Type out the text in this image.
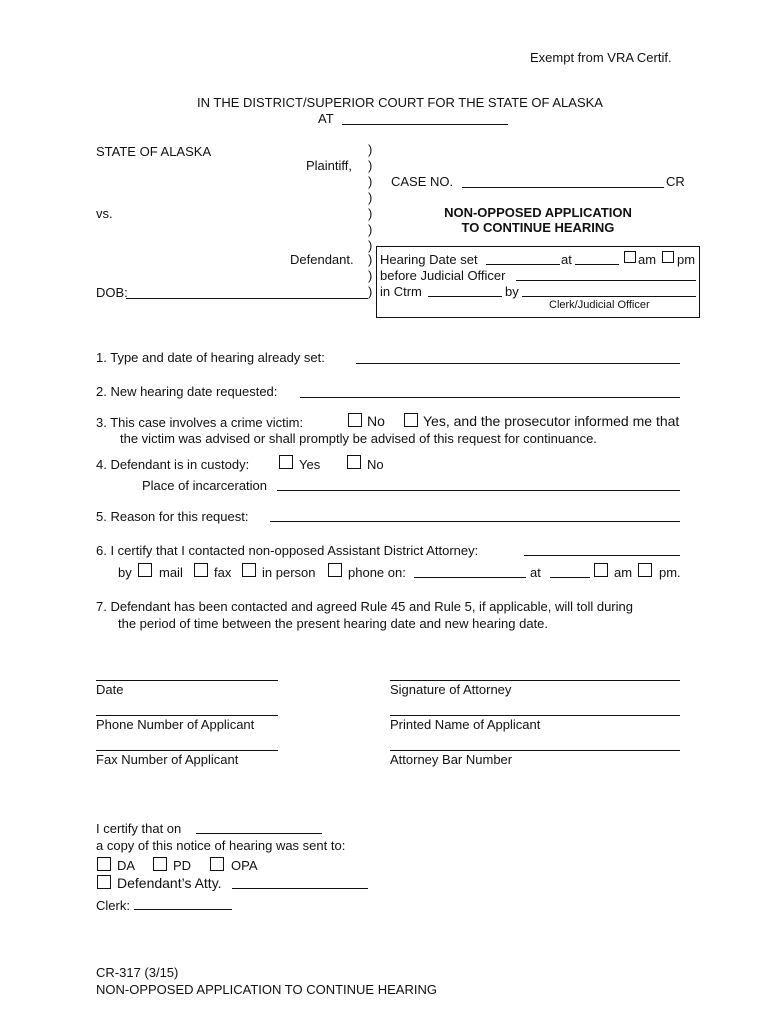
Exempt from VRA Certif.
IN THE DISTRICT/SUPERIOR COURT FOR THE STATE OF ALASKA
AT
STATE OF ALASKA
Plaintiff,
vs.
Defendant.
DOB:
)
)
)
)
)
)
)
)
)
)
CASE NO.	CR
NON-OPPOSED APPLICATION
TO CONTINUE HEARING
Hearing Date set	at	am pm
before Judicial Officer
in Ctrm	by
Clerk/Judicial Officer
1. Type and date of hearing already set:
2. New hearing date requested:
3. This case involves a crime victim:	No	Yes, and the prosecutor informed me that
the victim was advised or shall promptly be advised of this request for continuance.
4. Defendant is in custody:	Yes	No
Place of incarceration
5. Reason for this request:
6. I certify that I contacted non-opposed Assistant District Attorney:
by mail fax in person	phone on:	at	am pm.
7. Defendant has been contacted and agreed Rule 45 and Rule 5, if applicable, will toll during
the period of time between the present hearing date and new hearing date.
Date	Signature of Attorney
Phone Number of Applicant	Printed Name of Applicant
Fax Number of Applicant	Attorney Bar Number
I certify that on
a copy of this notice of hearing was sent to:
DA	PD	OPA
Defendant’s Atty.
Clerk:
CR-317 (3/15)
NON-OPPOSED APPLICATION TO CONTINUE HEARING
